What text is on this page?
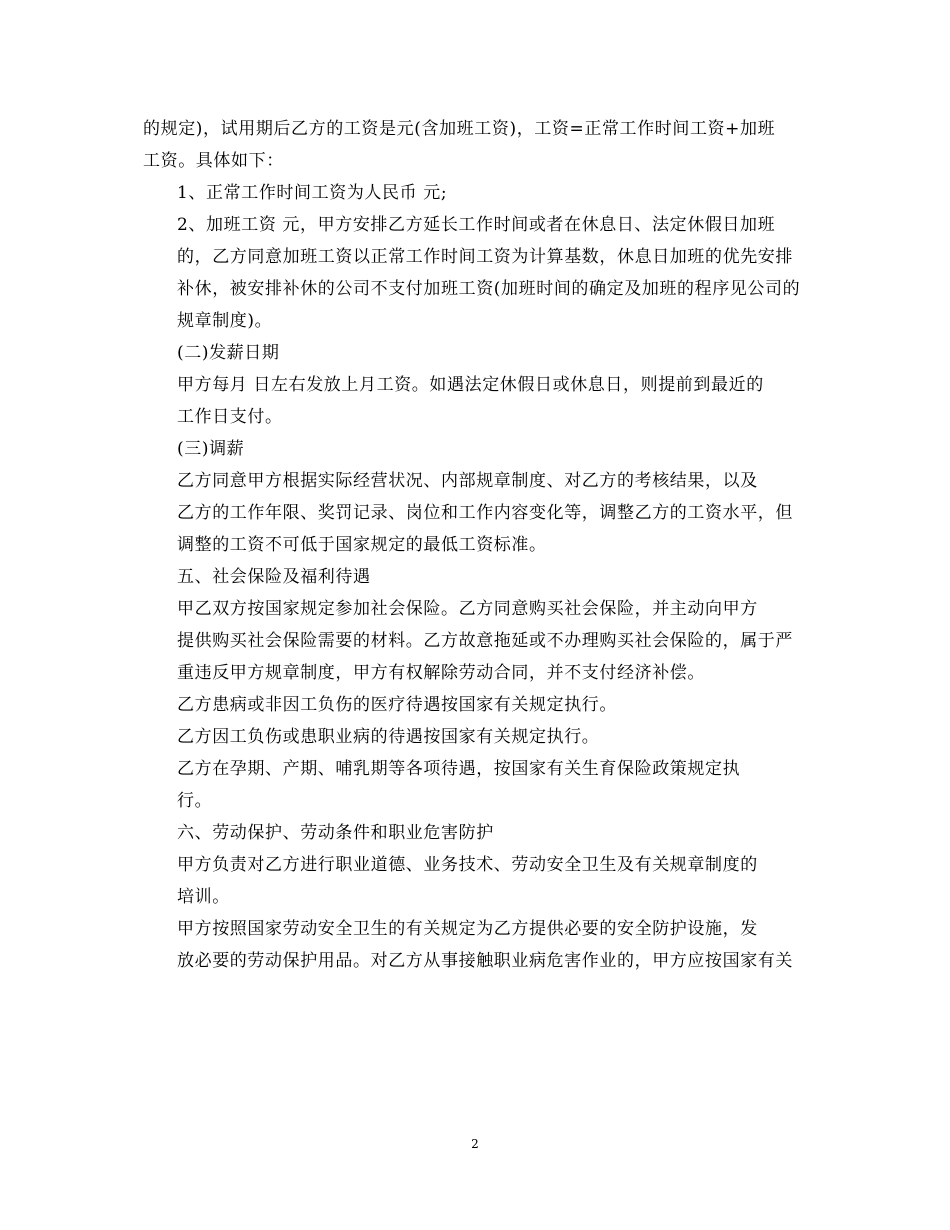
的规定)，试用期后乙方的工资是元(含加班工资)，工资=正常工作时间工资+加班
工资。具体如下：

1、正常工作时间工资为人民币 元;

2、加班工资 元，甲方安排乙方延长工作时间或者在休息日、法定休假日加班
的，乙方同意加班工资以正常工作时间工资为计算基数，休息日加班的优先安排
补休，被安排补休的公司不支付加班工资(加班时间的确定及加班的程序见公司的
规章制度)。

(二)发薪日期

甲方每月 日左右发放上月工资。如遇法定休假日或休息日，则提前到最近的
工作日支付。

(三)调薪

乙方同意甲方根据实际经营状况、内部规章制度、对乙方的考核结果，以及
乙方的工作年限、奖罚记录、岗位和工作内容变化等，调整乙方的工资水平，但
调整的工资不可低于国家规定的最低工资标准。

五、社会保险及福利待遇

甲乙双方按国家规定参加社会保险。乙方同意购买社会保险，并主动向甲方
提供购买社会保险需要的材料。乙方故意拖延或不办理购买社会保险的，属于严
重违反甲方规章制度，甲方有权解除劳动合同，并不支付经济补偿。

乙方患病或非因工负伤的医疗待遇按国家有关规定执行。

乙方因工负伤或患职业病的待遇按国家有关规定执行。

乙方在孕期、产期、哺乳期等各项待遇，按国家有关生育保险政策规定执
行。

六、劳动保护、劳动条件和职业危害防护

甲方负责对乙方进行职业道德、业务技术、劳动安全卫生及有关规章制度的
培训。

甲方按照国家劳动安全卫生的有关规定为乙方提供必要的安全防护设施，发
放必要的劳动保护用品。对乙方从事接触职业病危害作业的，甲方应按国家有关

2
